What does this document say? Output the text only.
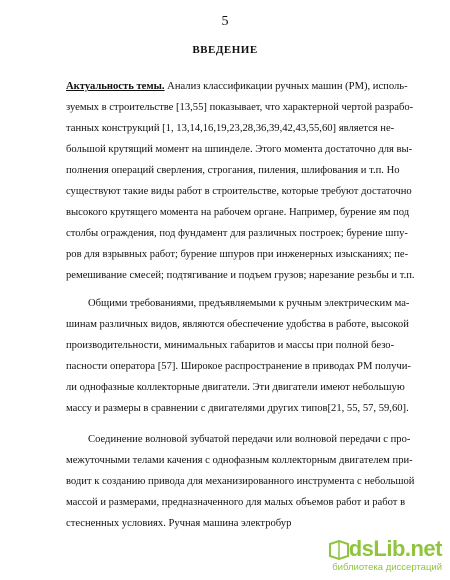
5
ВВЕДЕНИЕ
Актуальность темы. Анализ классификации ручных машин (РМ), исполь-
зуемых в строительстве [13,55] показывает, что характерной чертой разрабо-
танных конструкций [1, 13,14,16,19,23,28,36,39,42,43,55,60] является не-
большой крутящий момент на шпинделе. Этого момента достаточно для вы-
полнения операций сверления, строгания, пиления, шлифования и т.п. Но
существуют такие виды работ в строительстве, которые требуют достаточно
высокого крутящего момента на рабочем органе. Например, бурение ям под
столбы ограждения, под фундамент для различных построек; бурение шпу-
ров для взрывных работ; бурение шпуров при инженерных изысканиях; пе-
ремешивание смесей; подтягивание и подъем грузов; нарезание резьбы и т.п.
Общими требованиями, предъявляемыми к ручным электрическим ма-
шинам различных видов, являются обеспечение удобства в работе, высокой
производительности, минимальных габаритов и массы при полной безо-
пасности оператора [57]. Широкое распространение в приводах РМ получи-
ли однофазные коллекторные двигатели. Эти двигатели имеют небольшую
массу и размеры в сравнении с двигателями других типов[21, 55, 57, 59,60].
Соединение волновой зубчатой передачи или волновой передачи с про-
межуточными телами качения с однофазным коллекторным двигателем при-
водит к созданию привода для механизированного инструмента с небольшой
массой и размерами, предназначенного для малых объемов работ и работ в
стесненных условиях. Ручная машина электробур
dsLib.net
библиотека диссертаций
